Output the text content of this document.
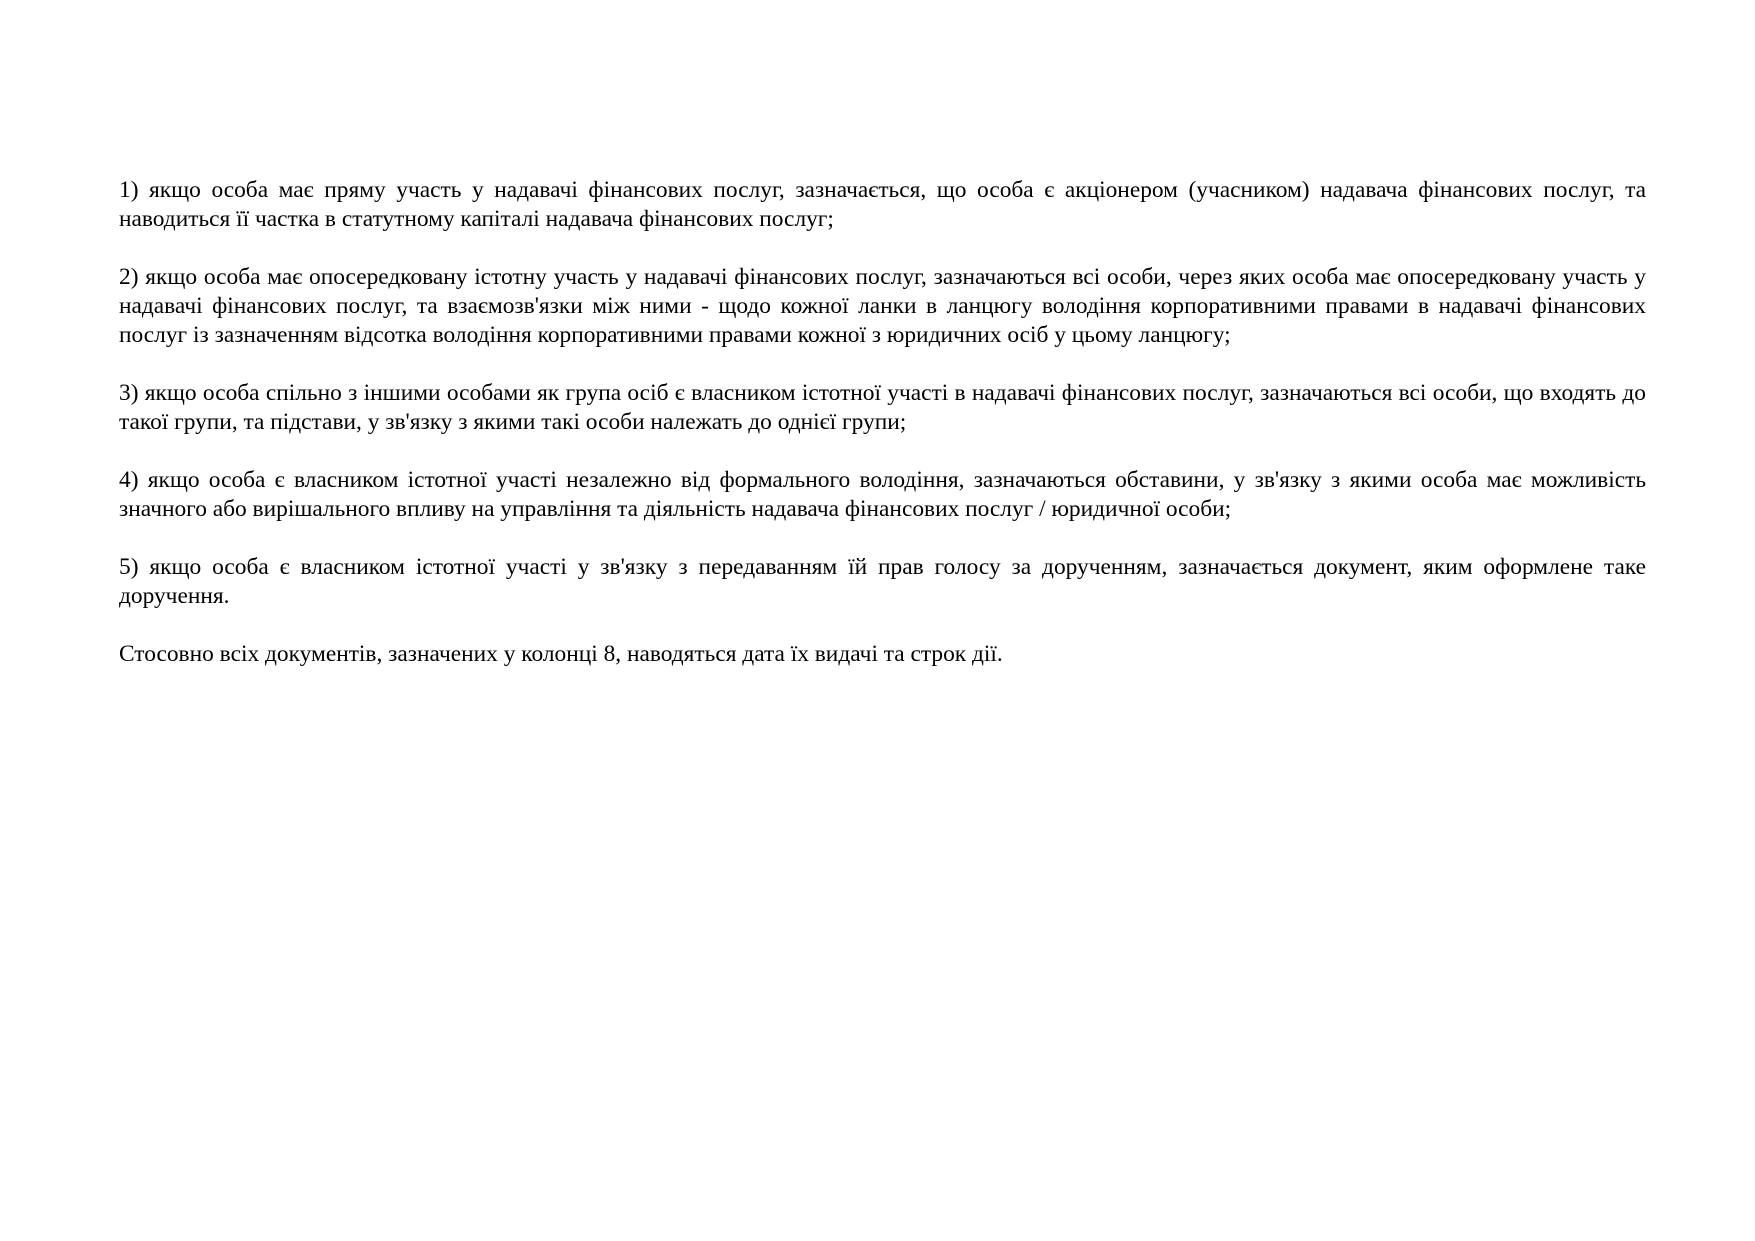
1) якщо особа має пряму участь у надавачі фінансових послуг, зазначається, що особа є акціонером (учасником) надавача фінансових послуг, та наводиться її частка в статутному капіталі надавача фінансових послуг;

2) якщо особа має опосередковану істотну участь у надавачі фінансових послуг, зазначаються всі особи, через яких особа має опосередковану участь у надавачі фінансових послуг, та взаємозв'язки між ними - щодо кожної ланки в ланцюгу володіння корпоративними правами в надавачі фінансових послуг із зазначенням відсотка володіння корпоративними правами кожної з юридичних осіб у цьому ланцюгу;

3) якщо особа спільно з іншими особами як група осіб є власником істотної участі в надавачі фінансових послуг, зазначаються всі особи, що входять до такої групи, та підстави, у зв'язку з якими такі особи належать до однієї групи;

4) якщо особа є власником істотної участі незалежно від формального володіння, зазначаються обставини, у зв'язку з якими особа має можливість значного або вирішального впливу на управління та діяльність надавача фінансових послуг / юридичної особи;

5) якщо особа є власником істотної участі у зв'язку з передаванням їй прав голосу за дорученням, зазначається документ, яким оформлене таке доручення.

Стосовно всіх документів, зазначених у колонці 8, наводяться дата їх видачі та строк дії.
